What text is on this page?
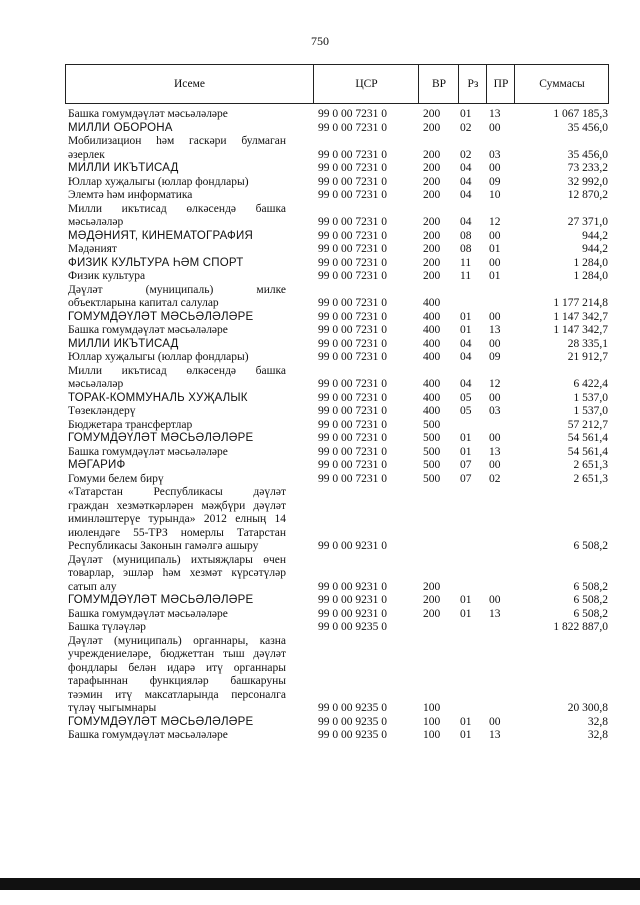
750
Исеме	ЦСР	ВР	Рз	ПР	Суммасы
Башка гомумдәүләт мәсьәләләре	99 0 00 7231 0	200 01 13	1 067 185,3
МИЛЛИ ОБОРОНА	99 0 00 7231 0	200 02 00	35 456,0
Мобилизацион һәм гаскәри булмаган
әзерлек	99 0 00 7231 0	200 02 03	35 456,0
МИЛЛИ ИКЪТИСАД	99 0 00 7231 0	200 04 00	73 233,2
Юллар хуҗалыгы (юллар фондлары)	99 0 00 7231 0	200 04 09	32 992,0
Элемтә һәм информатика	99 0 00 7231 0	200 04 10	12 870,2
Милли икътисад өлкәсендә башка
мәсьәләләр	99 0 00 7231 0	200 04 12	27 371,0
МӘДӘНИЯТ, КИНЕМАТОГРАФИЯ	99 0 00 7231 0	200 08 00	944,2
Мәдәният	99 0 00 7231 0	200 08 01	944,2
ФИЗИК КУЛЬТУРА ҺӘМ СПОРТ	99 0 00 7231 0	200 11 00	1 284,0
Физик культура	99 0 00 7231 0	200 11 01	1 284,0
Дәүләт (муниципаль) милке
объектларына капитал салулар	99 0 00 7231 0	400	1 177 214,8
ГОМУМДӘҮЛӘТ МӘСЬӘЛӘЛӘРЕ	99 0 00 7231 0	400 01 00	1 147 342,7
Башка гомумдәүләт мәсьәләләре	99 0 00 7231 0	400 01 13	1 147 342,7
МИЛЛИ ИКЪТИСАД	99 0 00 7231 0	400 04 00	28 335,1
Юллар хуҗалыгы (юллар фондлары)	99 0 00 7231 0	400 04 09	21 912,7
Милли икътисад өлкәсендә башка
мәсьәләләр	99 0 00 7231 0	400 04 12	6 422,4
ТОРАК-КОММУНАЛЬ ХУҖАЛЫК	99 0 00 7231 0	400 05 00	1 537,0
Төзекләндерү	99 0 00 7231 0	400 05 03	1 537,0
Бюджетара трансфертлар	99 0 00 7231 0	500	57 212,7
ГОМУМДӘҮЛӘТ МӘСЬӘЛӘЛӘРЕ	99 0 00 7231 0	500 01 00	54 561,4
Башка гомумдәүләт мәсьәләләре	99 0 00 7231 0	500 01 13	54 561,4
МӘГАРИФ	99 0 00 7231 0	500 07 00	2 651,3
Гомуми белем бирү	99 0 00 7231 0	500 07 02	2 651,3
«Татарстан Республикасы дәүләт
граждан хезмәткәрләрен мәҗбүри дәүләт
иминләштерүе турында» 2012 елның 14
июлендәге 55-ТРЗ номерлы Татарстан
Республикасы Законын гамәлгә ашыру	99 0 00 9231 0	6 508,2
Дәүләт (муниципаль) ихтыяҗлары өчен
товарлар, эшләр һәм хезмәт күрсәтүләр
сатып алу	99 0 00 9231 0	200	6 508,2
ГОМУМДӘҮЛӘТ МӘСЬӘЛӘЛӘРЕ	99 0 00 9231 0	200 01 00	6 508,2
Башка гомумдәүләт мәсьәләләре	99 0 00 9231 0	200 01 13	6 508,2
Башка түләүләр	99 0 00 9235 0	1 822 887,0
Дәүләт (муниципаль) органнары, казна
учреждениеләре, бюджеттан тыш дәүләт
фондлары белән идарә итү органнары
тарафыннан функцияләр башкаруны
тәэмин итү максатларында персоналга
түләү чыгымнары	99 0 00 9235 0	100	20 300,8
ГОМУМДӘҮЛӘТ МӘСЬӘЛӘЛӘРЕ	99 0 00 9235 0	100 01 00	32,8
Башка гомумдәүләт мәсьәләләре	99 0 00 9235 0	100 01 13	32,8
